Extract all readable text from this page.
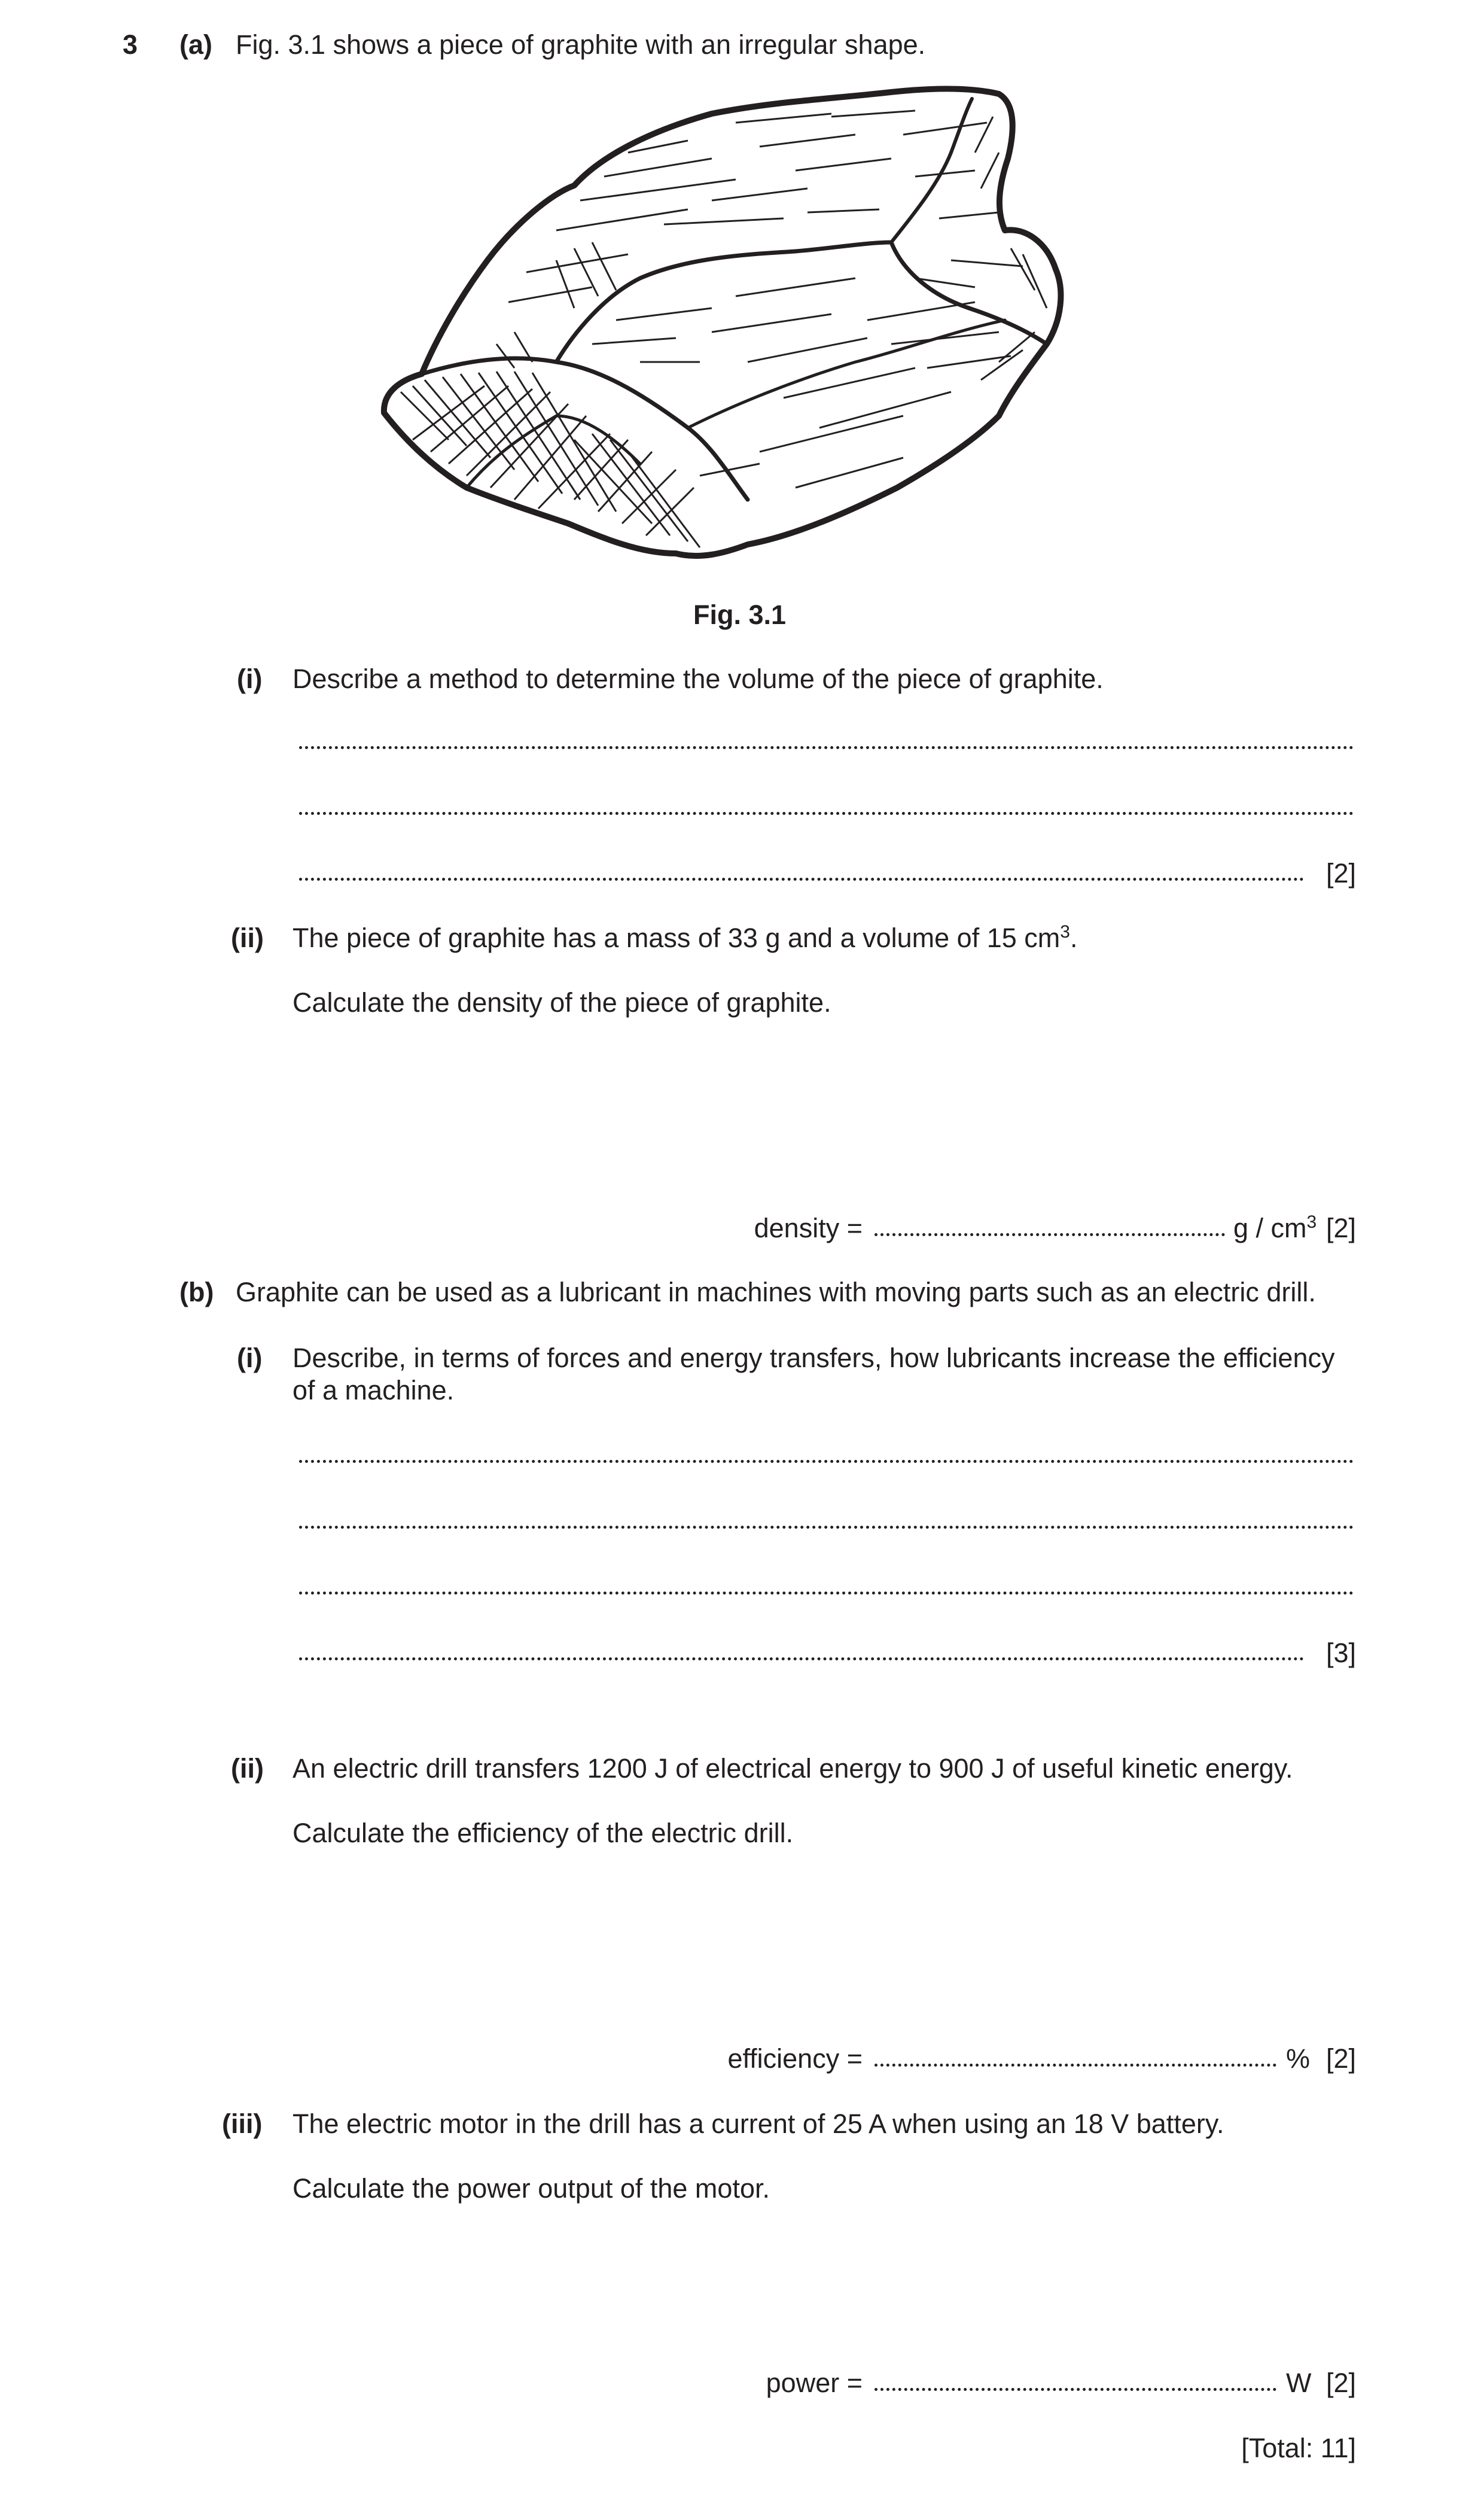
3 (a) Fig. 3.1 shows a piece of graphite with an irregular shape.
Fig. 3.1
(i) Describe a method to determine the volume of the piece of graphite.
[2]
(ii) The piece of graphite has a mass of 33 g and a volume of 15 $cm^3$.
Calculate the density of the piece of graphite.
density =	g / $cm^3$ [2]
(b) Graphite can be used as a lubricant in machines with moving parts such as an electric drill.
(i) Describe, in terms of forces and energy transfers, how lubricants increase the efficiency
of a machine.
[3]
(ii) An electric drill transfers 1200 J of electrical energy to 900 J of useful kinetic energy.
Calculate the efficiency of the electric drill.
efficiency =	% [2]
(iii) The electric motor in the drill has a current of 25 A when using an 18 V battery.
Calculate the power output of the motor.
power =	W [2]
[Total: 11]
